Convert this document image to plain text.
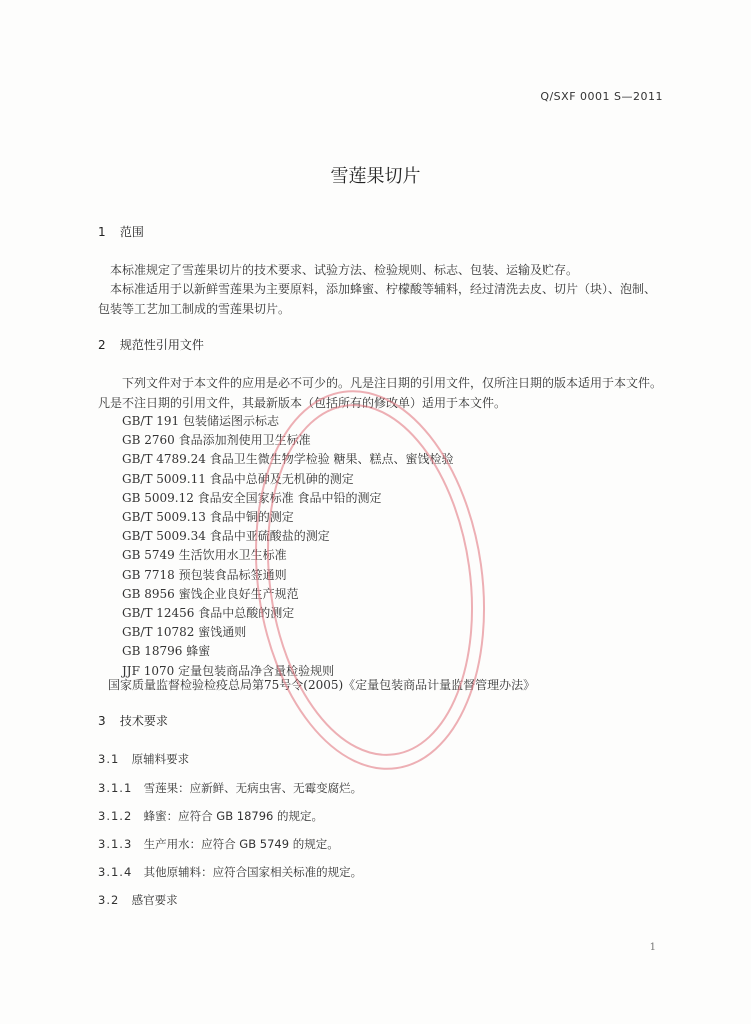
Q/SXF 0001 S—2011
雪莲果切片
1 范围
本标准规定了雪莲果切片的技术要求、试验方法、检验规则、标志、包装、运输及贮存。
本标准适用于以新鲜雪莲果为主要原料，添加蜂蜜、柠檬酸等辅料，经过清洗去皮、切片（块）、泡制、包装等工艺加工制成的雪莲果切片。
2 规范性引用文件
下列文件对于本文件的应用是必不可少的。凡是注日期的引用文件，仅所注日期的版本适用于本文件。凡是不注日期的引用文件，其最新版本（包括所有的修改单）适用于本文件。
GB/T 191 包装储运图示标志
GB 2760 食品添加剂使用卫生标准
GB/T 4789.24 食品卫生微生物学检验 糖果、糕点、蜜饯检验
GB/T 5009.11 食品中总砷及无机砷的测定
GB 5009.12 食品安全国家标准 食品中铅的测定
GB/T 5009.13 食品中铜的测定
GB/T 5009.34 食品中亚硫酸盐的测定
GB 5749 生活饮用水卫生标准
GB 7718 预包装食品标签通则
GB 8956 蜜饯企业良好生产规范
GB/T 12456 食品中总酸的测定
GB/T 10782 蜜饯通则
GB 18796 蜂蜜
JJF 1070 定量包装商品净含量检验规则
国家质量监督检验检疫总局第75号令(2005)《定量包装商品计量监督管理办法》
3 技术要求
3.1 原辅料要求
3.1.1 雪莲果：应新鲜、无病虫害、无霉变腐烂。
3.1.2 蜂蜜：应符合 GB 18796 的规定。
3.1.3 生产用水：应符合 GB 5749 的规定。
3.1.4 其他原辅料：应符合国家相关标准的规定。
3.2 感官要求
1
